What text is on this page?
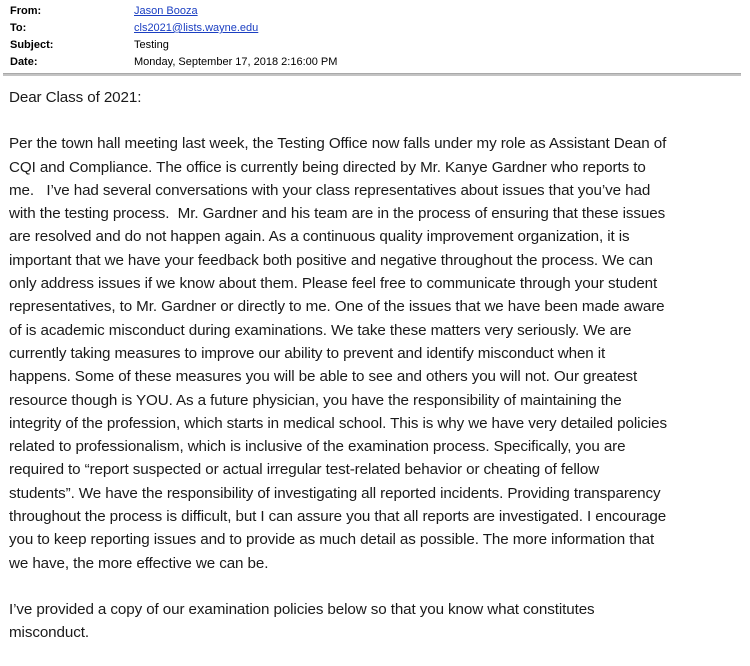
From:	Jason Booza
To:	cls2021@lists.wayne.edu
Subject:	Testing
Date:	Monday, September 17, 2018 2:16:00 PM

Dear Class of 2021:

Per the town hall meeting last week, the Testing Office now falls under my role as Assistant Dean of

CQI and Compliance. The office is currently being directed by Mr. Kanye Gardner who reports to

me.   I’ve had several conversations with your class representatives about issues that you’ve had

with the testing process.  Mr. Gardner and his team are in the process of ensuring that these issues

are resolved and do not happen again. As a continuous quality improvement organization, it is

important that we have your feedback both positive and negative throughout the process. We can

only address issues if we know about them. Please feel free to communicate through your student

representatives, to Mr. Gardner or directly to me. One of the issues that we have been made aware

of is academic misconduct during examinations. We take these matters very seriously. We are

currently taking measures to improve our ability to prevent and identify misconduct when it

happens. Some of these measures you will be able to see and others you will not. Our greatest

resource though is YOU. As a future physician, you have the responsibility of maintaining the

integrity of the profession, which starts in medical school. This is why we have very detailed policies

related to professionalism, which is inclusive of the examination process. Specifically, you are

required to “report suspected or actual irregular test-related behavior or cheating of fellow

students”. We have the responsibility of investigating all reported incidents. Providing transparency

throughout the process is difficult, but I can assure you that all reports are investigated. I encourage

you to keep reporting issues and to provide as much detail as possible. The more information that

we have, the more effective we can be.

I’ve provided a copy of our examination policies below so that you know what constitutes

misconduct.
